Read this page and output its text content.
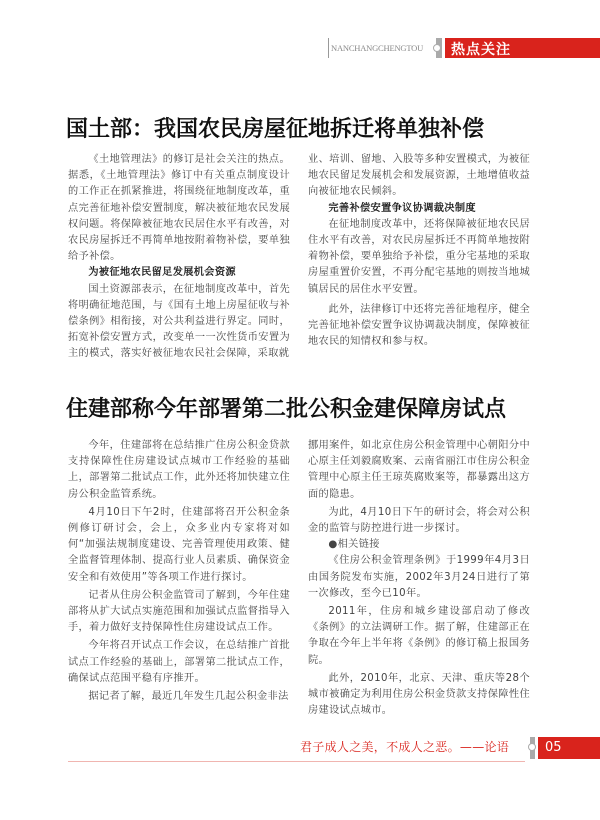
NANCHANGCHENGTOU 热点关注
国土部：我国农民房屋征地拆迁将单独补偿

《土地管理法》的修订是社会关注的热点。据悉，《土地管理法》修订中有关重点制度设计的工作正在抓紧推进，将围绕征地制度改革，重点完善征地补偿安置制度，解决被征地农民发展权问题。将保障被征地农民居住水平有改善，对农民房屋拆迁不再简单地按附着物补偿，要单独给予补偿。

为被征地农民留足发展机会资源

国土资源部表示，在征地制度改革中，首先将明确征地范围，与《国有土地上房屋征收与补偿条例》相衔接，对公共利益进行界定。同时，拓宽补偿安置方式，改变单一一次性货币安置为主的模式，落实好被征地农民社会保障，采取就

业、培训、留地、入股等多种安置模式，为被征地农民留足发展机会和发展资源，土地增值收益向被征地农民倾斜。

完善补偿安置争议协调裁决制度

在征地制度改革中，还将保障被征地农民居住水平有改善，对农民房屋拆迁不再简单地按附着物补偿，要单独给予补偿，重分宅基地的采取房屋重置价安置，不再分配宅基地的则按当地城镇居民的居住水平安置。

此外，法律修订中还将完善征地程序，健全完善征地补偿安置争议协调裁决制度，保障被征地农民的知情权和参与权。

住建部称今年部署第二批公积金建保障房试点

今年，住建部将在总结推广住房公积金贷款支持保障性住房建设试点城市工作经验的基础上，部署第二批试点工作，此外还将加快建立住房公积金监管系统。

4月10日下午2时，住建部将召开公积金条例修订研讨会，会上，众多业内专家将对如何“加强法规制度建设、完善管理使用政策、健全监督管理体制、提高行业人员素质、确保资金安全和有效使用”等各项工作进行探讨。

记者从住房公积金监管司了解到，今年住建部将从扩大试点实施范围和加强试点监督指导入手，着力做好支持保障性住房建设试点工作。

今年将召开试点工作会议，在总结推广首批试点工作经验的基础上，部署第二批试点工作，确保试点范围平稳有序推开。

据记者了解，最近几年发生几起公积金非法

挪用案件，如北京住房公积金管理中心朝阳分中心原主任刘毅腐败案、云南省丽江市住房公积金管理中心原主任王琼英腐败案等，都暴露出这方面的隐患。

为此，4月10日下午的研讨会，将会对公积金的监管与防控进行进一步探讨。

●相关链接

《住房公积金管理条例》于1999年4月3日由国务院发布实施，2002年3月24日进行了第一次修改，至今已10年。

2011年，住房和城乡建设部启动了修改《条例》的立法调研工作。据了解，住建部正在争取在今年上半年将《条例》的修订稿上报国务院。

此外，2010年，北京、天津、重庆等28个城市被确定为利用住房公积金贷款支持保障性住房建设试点城市。

君子成人之美，不成人之恶。——论语	05
